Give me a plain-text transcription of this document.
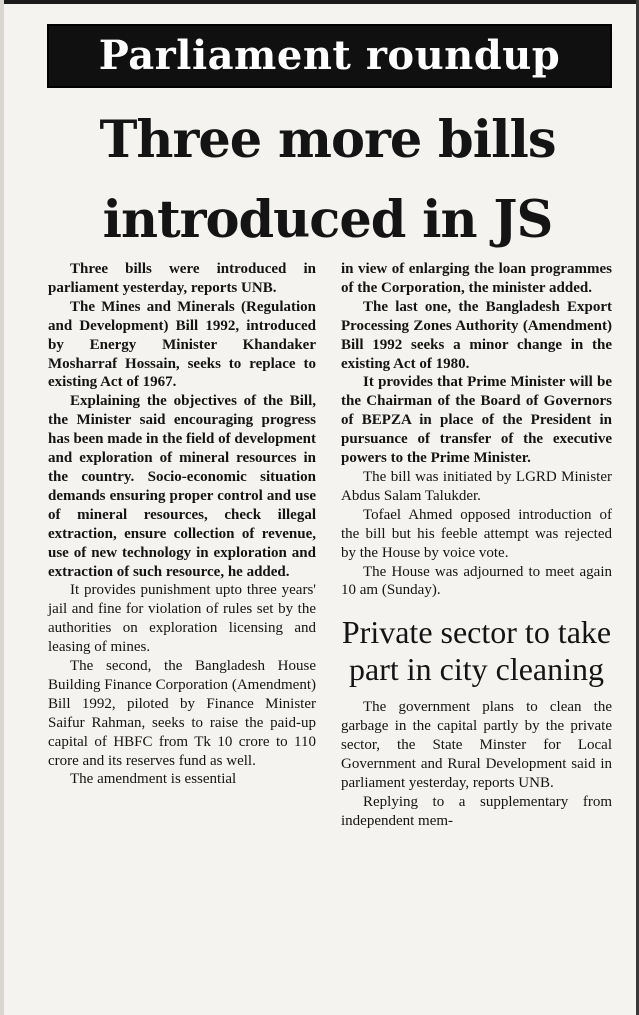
Parliament roundup
Three more bills
introduced in JS

Three bills were introduced in parliament yesterday, reports UNB.

The Mines and Minerals (Regulation and Development) Bill 1992, introduced by Energy Minister Khandaker Mosharraf Hossain, seeks to replace to existing Act of 1967.

Explaining the objectives of the Bill, the Minister said encouraging progress has been made in the field of development and exploration of mineral resources in the country. Socio-economic situation demands ensuring proper control and use of mineral resources, check illegal extraction, ensure collection of revenue, use of new technology in exploration and extraction of such resource, he added.

It provides punishment upto three years' jail and fine for violation of rules set by the authorities on exploration licensing and leasing of mines.

The second, the Bangladesh House Building Finance Corporation (Amendment) Bill 1992, piloted by Finance Minister Saifur Rahman, seeks to raise the paid-up capital of HBFC from Tk 10 crore to 110 crore and its reserves fund as well.

The amendment is essential

in view of enlarging the loan programmes of the Corporation, the minister added.

The last one, the Bangladesh Export Processing Zones Authority (Amendment) Bill 1992 seeks a minor change in the existing Act of 1980.

It provides that Prime Minister will be the Chairman of the Board of Governors of BEPZA in place of the President in pursuance of transfer of the executive powers to the Prime Minister.

The bill was initiated by LGRD Minister Abdus Salam Talukder.

Tofael Ahmed opposed introduction of the bill but his feeble attempt was rejected by the House by voice vote.

The House was adjourned to meet again 10 am (Sunday).

Private sector to take part in city cleaning

The government plans to clean the garbage in the capital partly by the private sector, the State Minster for Local Government and Rural Development said in parliament yesterday, reports UNB.

Replying to a supplementary from independent mem-
